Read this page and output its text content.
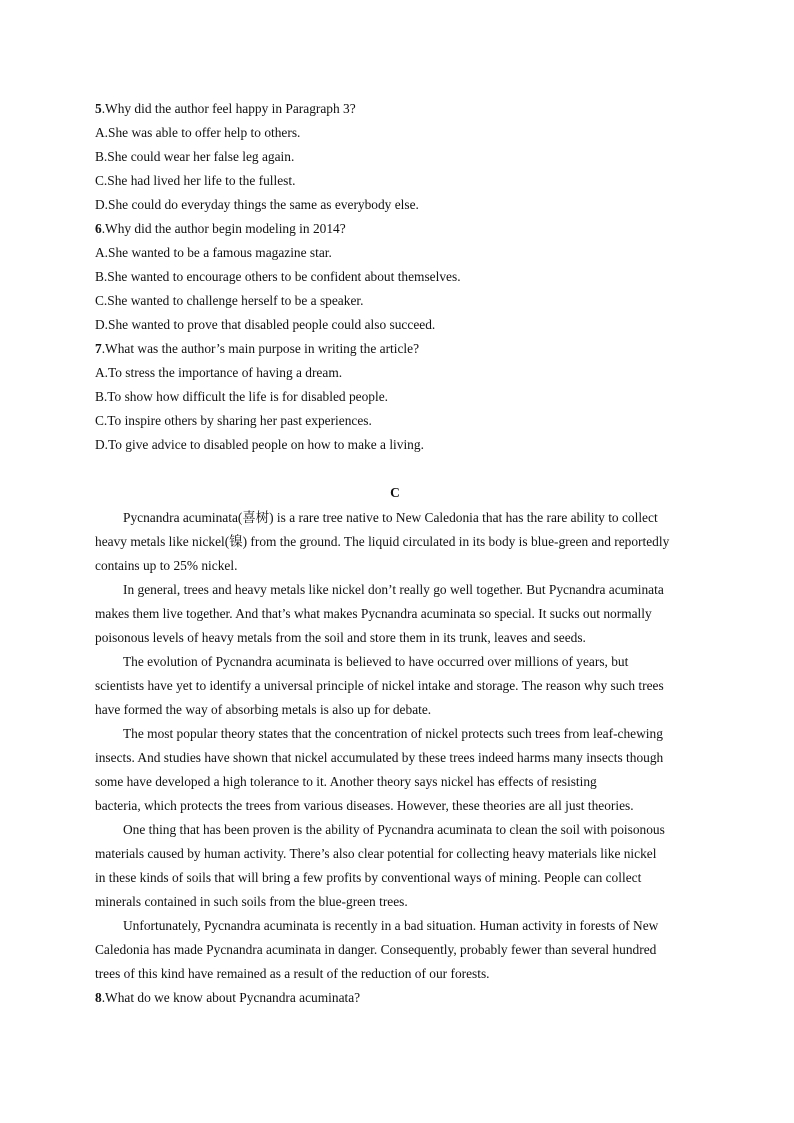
5.Why did the author feel happy in Paragraph 3?
A.She was able to offer help to others.
B.She could wear her false leg again.
C.She had lived her life to the fullest.
D.She could do everyday things the same as everybody else.
6.Why did the author begin modeling in 2014?
A.She wanted to be a famous magazine star.
B.She wanted to encourage others to be confident about themselves.
C.She wanted to challenge herself to be a speaker.
D.She wanted to prove that disabled people could also succeed.
7.What was the author’s main purpose in writing the article?
A.To stress the importance of having a dream.
B.To show how difficult the life is for disabled people.
C.To inspire others by sharing her past experiences.
D.To give advice to disabled people on how to make a living.
C
Pycnandra acuminata(喜树) is a rare tree native to New Caledonia that has the rare ability to collect
heavy metals like nickel(镍) from the ground. The liquid circulated in its body is blue-green and reportedly
contains up to 25% nickel.
In general, trees and heavy metals like nickel don’t really go well together. But Pycnandra acuminata
makes them live together. And that’s what makes Pycnandra acuminata so special. It sucks out normally
poisonous levels of heavy metals from the soil and store them in its trunk, leaves and seeds.
The evolution of Pycnandra acuminata is believed to have occurred over millions of years, but
scientists have yet to identify a universal principle of nickel intake and storage. The reason why such trees
have formed the way of absorbing metals is also up for debate.
The most popular theory states that the concentration of nickel protects such trees from leaf-chewing
insects. And studies have shown that nickel accumulated by these trees indeed harms many insects though
some have developed a high tolerance to it. Another theory says nickel has effects of resisting
bacteria, which protects the trees from various diseases. However, these theories are all just theories.
One thing that has been proven is the ability of Pycnandra acuminata to clean the soil with poisonous
materials caused by human activity. There’s also clear potential for collecting heavy materials like nickel
in these kinds of soils that will bring a few profits by conventional ways of mining. People can collect
minerals contained in such soils from the blue-green trees.
Unfortunately, Pycnandra acuminata is recently in a bad situation. Human activity in forests of New
Caledonia has made Pycnandra acuminata in danger. Consequently, probably fewer than several hundred
trees of this kind have remained as a result of the reduction of our forests.
8.What do we know about Pycnandra acuminata?
